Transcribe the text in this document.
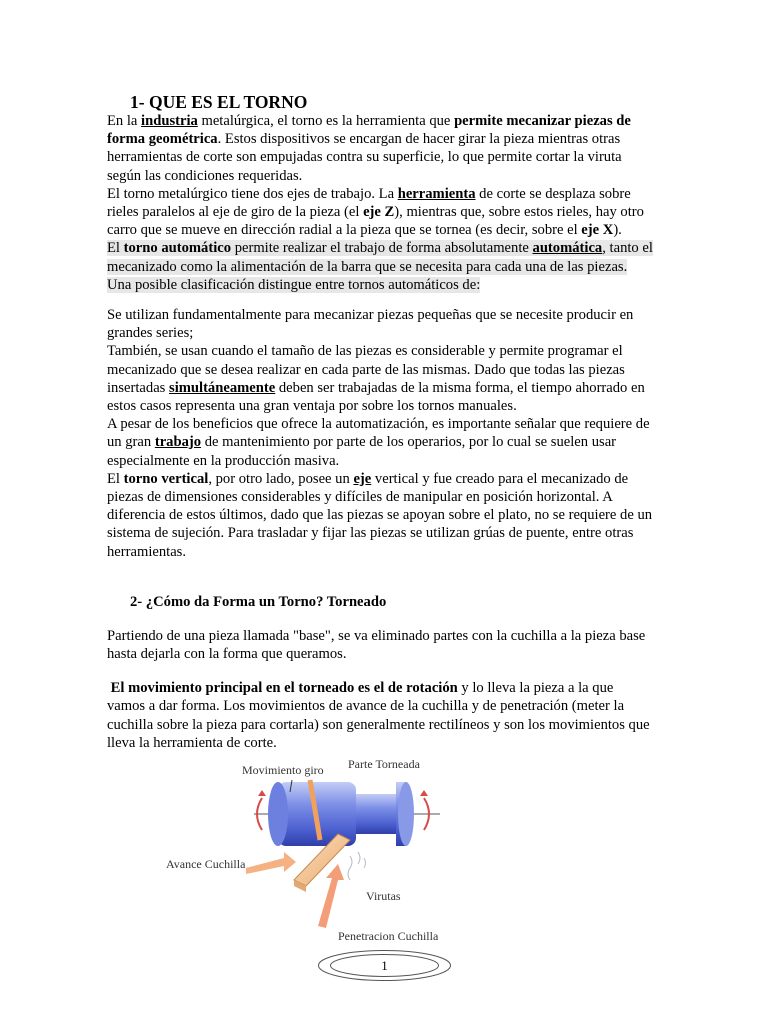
1- QUE ES EL TORNO

En la industria metalúrgica, el torno es la herramienta que permite mecanizar piezas de forma geométrica. Estos dispositivos se encargan de hacer girar la pieza mientras otras herramientas de corte son empujadas contra su superficie, lo que permite cortar la viruta según las condiciones requeridas.

El torno metalúrgico tiene dos ejes de trabajo. La herramienta de corte se desplaza sobre rieles paralelos al eje de giro de la pieza (el eje Z), mientras que, sobre estos rieles, hay otro carro que se mueve en dirección radial a la pieza que se tornea (es decir, sobre el eje X).

El torno automático permite realizar el trabajo de forma absolutamente automática, tanto el mecanizado como la alimentación de la barra que se necesita para cada una de las piezas. Una posible clasificación distingue entre tornos automáticos de:

Se utilizan fundamentalmente para mecanizar piezas pequeñas que se necesite producir en grandes series;

También, se usan cuando el tamaño de las piezas es considerable y permite programar el mecanizado que se desea realizar en cada parte de las mismas. Dado que todas las piezas insertadas simultáneamente deben ser trabajadas de la misma forma, el tiempo ahorrado en estos casos representa una gran ventaja por sobre los tornos manuales.

A pesar de los beneficios que ofrece la automatización, es importante señalar que requiere de un gran trabajo de mantenimiento por parte de los operarios, por lo cual se suelen usar especialmente en la producción masiva.

El torno vertical, por otro lado, posee un eje vertical y fue creado para el mecanizado de piezas de dimensiones considerables y difíciles de manipular en posición horizontal. A diferencia de estos últimos, dado que las piezas se apoyan sobre el plato, no se requiere de un sistema de sujeción. Para trasladar y fijar las piezas se utilizan grúas de puente, entre otras herramientas.

2- ¿Cómo da Forma un Torno? Torneado

Partiendo de una pieza llamada "base", se va eliminado partes con la cuchilla a la pieza base hasta dejarla con la forma que queramos.

El movimiento principal en el torneado es el de rotación y lo lleva la pieza a la que vamos a dar forma. Los movimientos de avance de la cuchilla y de penetración (meter la cuchilla sobre la pieza para cortarla) son generalmente rectilíneos y son los movimientos que lleva la herramienta de corte.

Movimiento giro Parte Torneada
Avance Cuchilla
Virutas
Penetracion Cuchilla
1
